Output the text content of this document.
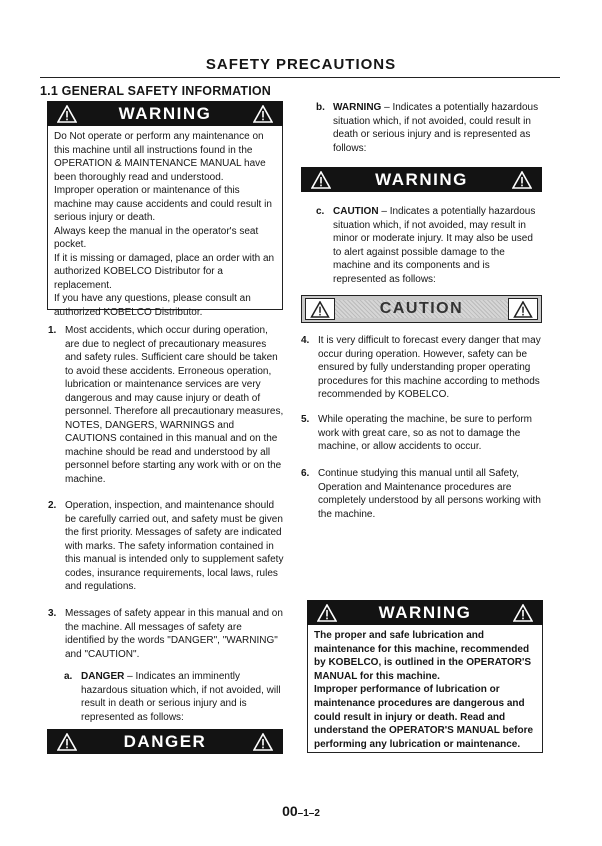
SAFETY PRECAUTIONS
1.1 GENERAL SAFETY INFORMATION
WARNING

Do Not operate or perform any maintenance on this machine until all instructions found in the OPERATION & MAINTENANCE MANUAL have been thoroughly read and understood.

Improper operation or maintenance of this machine may cause accidents and could result in serious injury or death.

Always keep the manual in the operator's seat pocket.

If it is missing or damaged, place an order with an authorized KOBELCO Distributor for a replacement.

If you have any questions, please consult an authorized KOBELCO Distributor.

1. Most accidents, which occur during operation, are due to neglect of precautionary measures and safety rules. Sufficient care should be taken to avoid these accidents. Erroneous operation, lubrication or maintenance services are very dangerous and may cause injury or death of personnel. Therefore all precautionary measures, NOTES, DANGERS, WARNINGS and CAUTIONS contained in this manual and on the machine should be read and understood by all personnel before starting any work with or on the machine.
2. Operation, inspection, and maintenance should be carefully carried out, and safety must be given the first priority. Messages of safety are indicated with marks. The safety information contained in this manual is intended only to supplement safety codes, insurance requirements, local laws, rules and regulations.
3. Messages of safety appear in this manual and on the machine. All messages of safety are identified by the words "DANGER", "WARNING" and "CAUTION".
a. DANGER – Indicates an imminently hazardous situation which, if not avoided, will result in death or serious injury and is represented as follows:
DANGER
b. WARNING – Indicates a potentially hazardous situation which, if not avoided, could result in death or serious injury and is represented as follows:
WARNING
c. CAUTION – Indicates a potentially hazardous situation which, if not avoided, may result in minor or moderate injury. It may also be used to alert against possible damage to the machine and its components and is represented as follows:
CAUTION
4. It is very difficult to forecast every danger that may occur during operation. However, safety can be ensured by fully understanding proper operating procedures for this machine according to methods recommended by KOBELCO.
5. While operating the machine, be sure to perform work with great care, so as not to damage the machine, or allow accidents to occur.
6. Continue studying this manual until all Safety, Operation and Maintenance procedures are completely understood by all persons working with the machine.
WARNING

The proper and safe lubrication and maintenance for this machine, recommended by KOBELCO, is outlined in the OPERATOR'S MANUAL for this machine.

Improper performance of lubrication or maintenance procedures are dangerous and could result in injury or death. Read and understand the OPERATOR'S MANUAL before performing any lubrication or maintenance.

00–1–2
